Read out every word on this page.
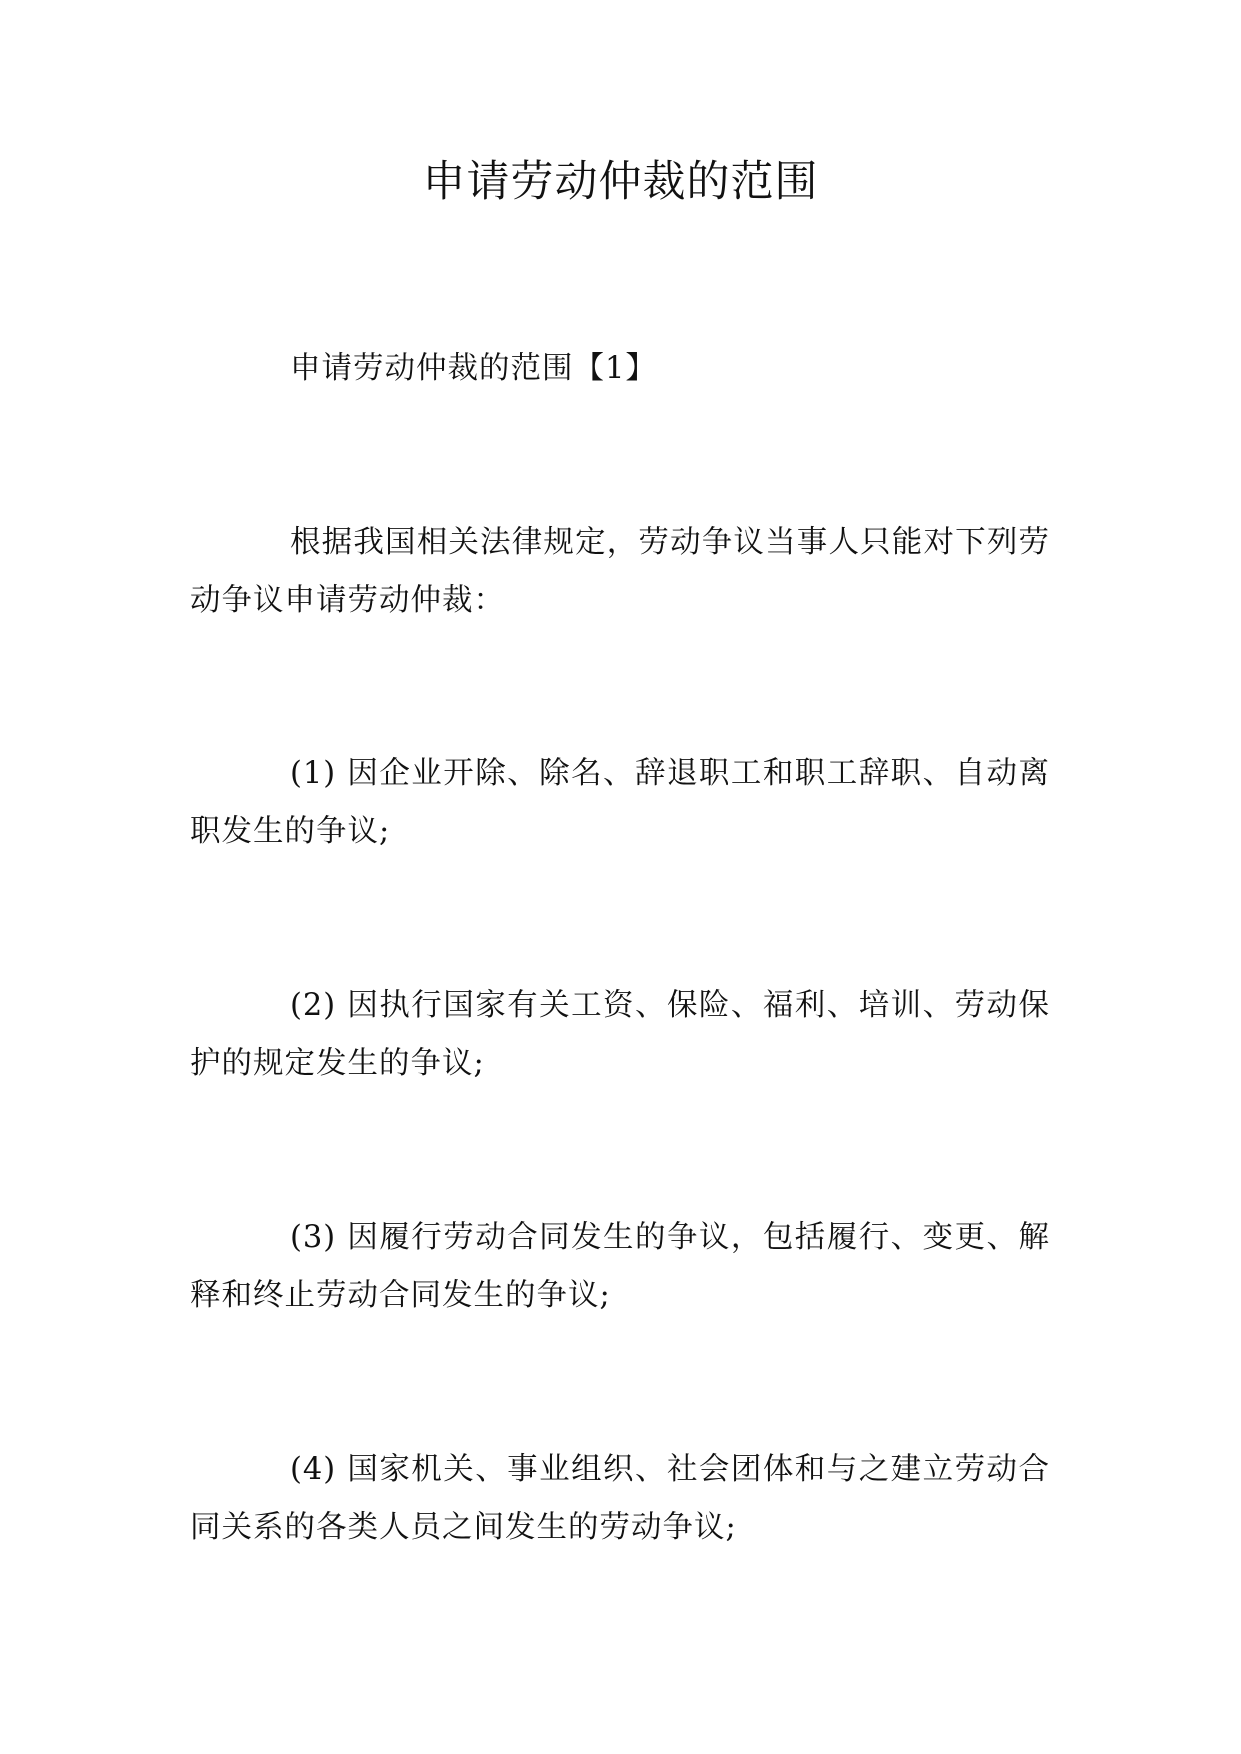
申请劳动仲裁的范围

申请劳动仲裁的范围【1】

根据我国相关法律规定，劳动争议当事人只能对下列劳动争议申请劳动仲裁：

(1) 因企业开除、除名、辞退职工和职工辞职、自动离职发生的争议;

(2) 因执行国家有关工资、保险、福利、培训、劳动保护的规定发生的争议;

(3) 因履行劳动合同发生的争议，包括履行、变更、解释和终止劳动合同发生的争议;

(4) 国家机关、事业组织、社会团体和与之建立劳动合同关系的各类人员之间发生的劳动争议;
